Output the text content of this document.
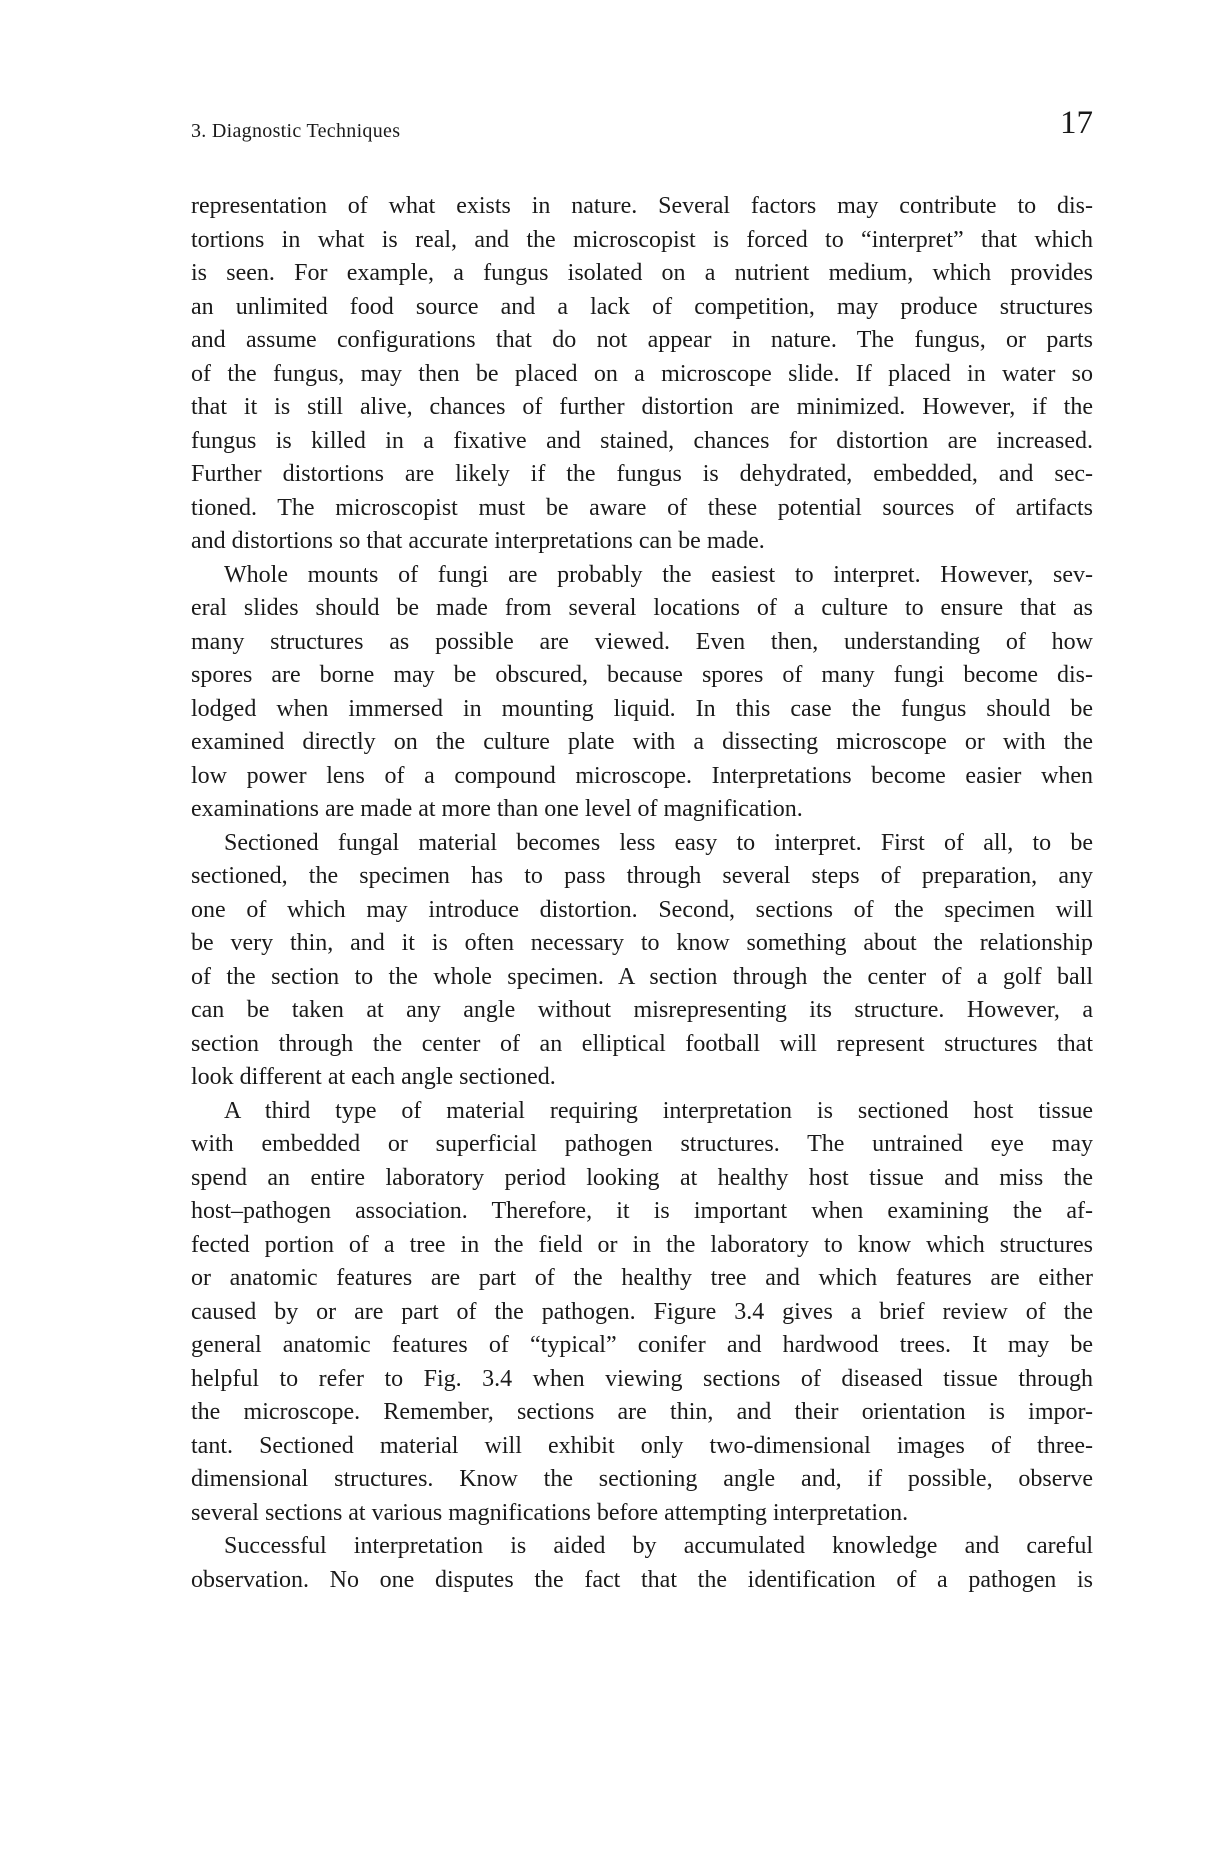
3. Diagnostic Techniques	17
representation of what exists in nature. Several factors may contribute to dis-
tortions in what is real, and the microscopist is forced to “interpret” that which
is seen. For example, a fungus isolated on a nutrient medium, which provides
an unlimited food source and a lack of competition, may produce structures
and assume configurations that do not appear in nature. The fungus, or parts
of the fungus, may then be placed on a microscope slide. If placed in water so
that it is still alive, chances of further distortion are minimized. However, if the
fungus is killed in a fixative and stained, chances for distortion are increased.
Further distortions are likely if the fungus is dehydrated, embedded, and sec-
tioned. The microscopist must be aware of these potential sources of artifacts
and distortions so that accurate interpretations can be made.
Whole mounts of fungi are probably the easiest to interpret. However, sev-
eral slides should be made from several locations of a culture to ensure that as
many structures as possible are viewed. Even then, understanding of how
spores are borne may be obscured, because spores of many fungi become dis-
lodged when immersed in mounting liquid. In this case the fungus should be
examined directly on the culture plate with a dissecting microscope or with the
low power lens of a compound microscope. Interpretations become easier when
examinations are made at more than one level of magnification.
Sectioned fungal material becomes less easy to interpret. First of all, to be
sectioned, the specimen has to pass through several steps of preparation, any
one of which may introduce distortion. Second, sections of the specimen will
be very thin, and it is often necessary to know something about the relationship
of the section to the whole specimen. A section through the center of a golf ball
can be taken at any angle without misrepresenting its structure. However, a
section through the center of an elliptical football will represent structures that
look different at each angle sectioned.
A third type of material requiring interpretation is sectioned host tissue
with embedded or superficial pathogen structures. The untrained eye may
spend an entire laboratory period looking at healthy host tissue and miss the
host–pathogen association. Therefore, it is important when examining the af-
fected portion of a tree in the field or in the laboratory to know which structures
or anatomic features are part of the healthy tree and which features are either
caused by or are part of the pathogen. Figure 3.4 gives a brief review of the
general anatomic features of “typical” conifer and hardwood trees. It may be
helpful to refer to Fig. 3.4 when viewing sections of diseased tissue through
the microscope. Remember, sections are thin, and their orientation is impor-
tant. Sectioned material will exhibit only two-dimensional images of three-
dimensional structures. Know the sectioning angle and, if possible, observe
several sections at various magnifications before attempting interpretation.
Successful interpretation is aided by accumulated knowledge and careful
observation. No one disputes the fact that the identification of a pathogen is
